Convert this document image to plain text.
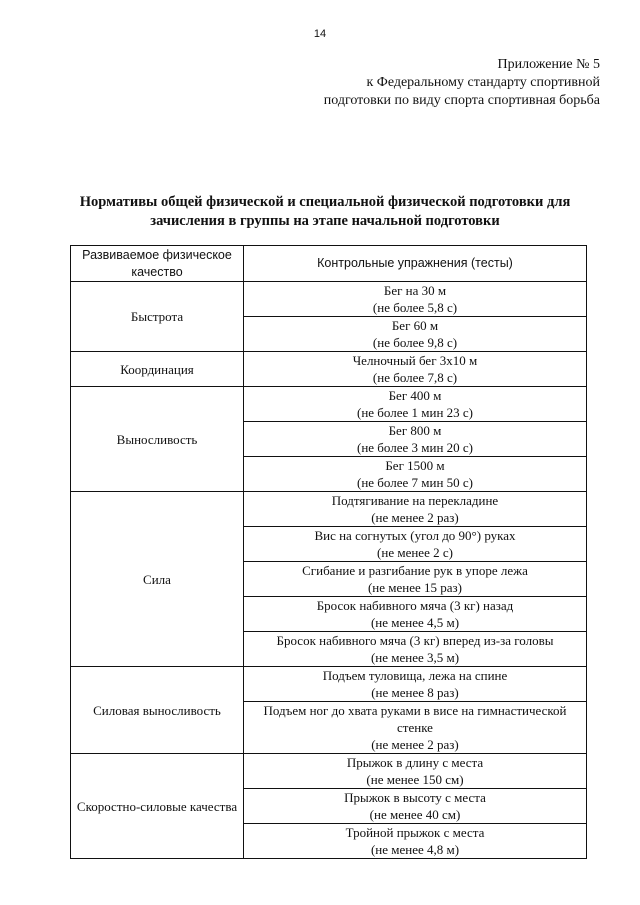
14
Приложение № 5
к Федеральному стандарту спортивной
подготовки по виду спорта спортивная борьба
Нормативы общей физической и специальной физической подготовки для
зачисления в группы на этапе начальной подготовки
Развиваемое физическое качество	Контрольные упражнения (тесты)
Быстрота	Бег на 30 м
(не более 5,8 с)

	Бег 60 м
(не более 9,8 с)

Координация	Челночный бег 3х10 м
(не более 7,8 с)

Выносливость	Бег 400 м
(не более 1 мин 23 с)

	Бег 800 м
(не более 3 мин 20 с)

	Бег 1500 м
(не более 7 мин 50 с)

Сила	Подтягивание на перекладине
(не менее 2 раз)

	Вис на согнутых (угол до 90°) руках
(не менее 2 с)

	Сгибание и разгибание рук в упоре лежа
(не менее 15 раз)

	Бросок набивного мяча (3 кг) назад
(не менее 4,5 м)

	Бросок набивного мяча (3 кг) вперед из-за головы
(не менее 3,5 м)

Силовая выносливость	Подъем туловища, лежа на спине
(не менее 8 раз)

	Подъем ног до хвата руками в висе на гимнастической стенке
(не менее 2 раз)

Скоростно-силовые качества	Прыжок в длину с места
(не менее 150 см)

	Прыжок в высоту с места
(не менее 40 см)

	Тройной прыжок с места
(не менее 4,8 м)
